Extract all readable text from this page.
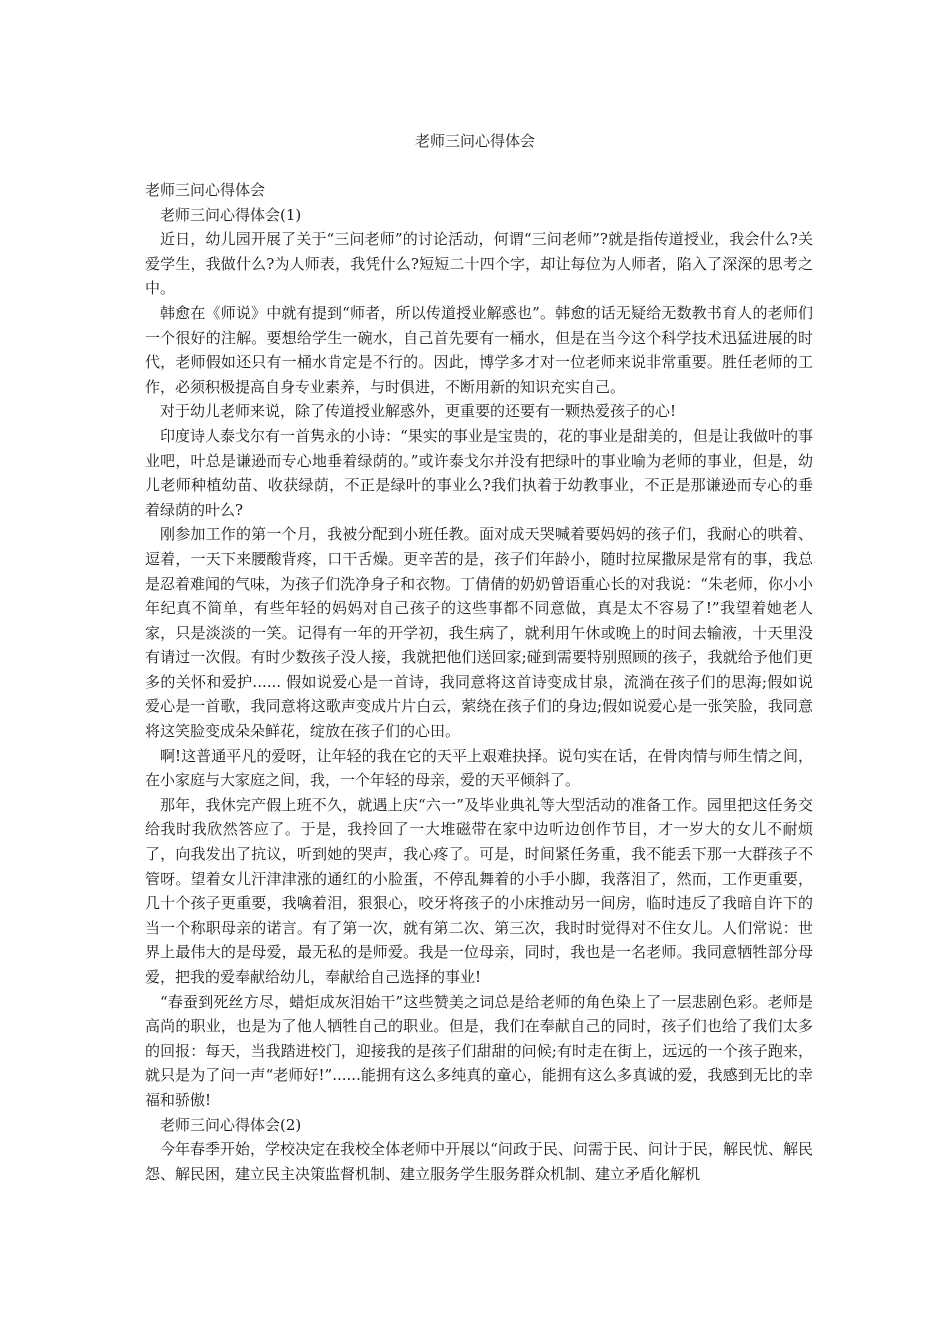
老师三问心得体会

老师三问心得体会

老师三问心得体会(1)

近日，幼儿园开展了关于“三问老师”的讨论活动，何谓“三问老师”?就是指传道授业，我会什么?关爱学生，我做什么?为人师表，我凭什么?短短二十四个字，却让每位为人师者，陷入了深深的思考之中。

韩愈在《师说》中就有提到“师者，所以传道授业解惑也”。韩愈的话无疑给无数教书育人的老师们一个很好的注解。要想给学生一碗水，自己首先要有一桶水，但是在当今这个科学技术迅猛进展的时代，老师假如还只有一桶水肯定是不行的。因此，博学多才对一位老师来说非常重要。胜任老师的工作，必须积极提高自身专业素养，与时俱进，不断用新的知识充实自己。

对于幼儿老师来说，除了传道授业解惑外，更重要的还要有一颗热爱孩子的心!

印度诗人泰戈尔有一首隽永的小诗：“果实的事业是宝贵的，花的事业是甜美的，但是让我做叶的事业吧，叶总是谦逊而专心地垂着绿荫的。”或许泰戈尔并没有把绿叶的事业喻为老师的事业，但是，幼儿老师种植幼苗、收获绿荫，不正是绿叶的事业么?我们执着于幼教事业，不正是那谦逊而专心的垂着绿荫的叶么?

刚参加工作的第一个月，我被分配到小班任教。面对成天哭喊着要妈妈的孩子们，我耐心的哄着、逗着，一天下来腰酸背疼，口干舌燥。更辛苦的是，孩子们年龄小，随时拉屎撒尿是常有的事，我总是忍着难闻的气味，为孩子们洗净身子和衣物。丁倩倩的奶奶曾语重心长的对我说：“朱老师，你小小年纪真不简单，有些年轻的妈妈对自己孩子的这些事都不同意做，真是太不容易了!”我望着她老人家，只是淡淡的一笑。记得有一年的开学初，我生病了，就利用午休或晚上的时间去输液，十天里没有请过一次假。有时少数孩子没人接，我就把他们送回家;碰到需要特别照顾的孩子，我就给予他们更多的关怀和爱护...... 假如说爱心是一首诗，我同意将这首诗变成甘泉，流淌在孩子们的思海;假如说爱心是一首歌，我同意将这歌声变成片片白云，萦绕在孩子们的身边;假如说爱心是一张笑脸，我同意将这笑脸变成朵朵鲜花，绽放在孩子们的心田。

啊!这普通平凡的爱呀，让年轻的我在它的天平上艰难抉择。说句实在话，在骨肉情与师生情之间，在小家庭与大家庭之间，我，一个年轻的母亲，爱的天平倾斜了。

那年，我休完产假上班不久，就遇上庆“六一”及毕业典礼等大型活动的准备工作。园里把这任务交给我时我欣然答应了。于是，我拎回了一大堆磁带在家中边听边创作节目，才一岁大的女儿不耐烦了，向我发出了抗议，听到她的哭声，我心疼了。可是，时间紧任务重，我不能丢下那一大群孩子不管呀。望着女儿汗津津涨的通红的小脸蛋，不停乱舞着的小手小脚，我落泪了，然而，工作更重要，几十个孩子更重要，我噙着泪，狠狠心，咬牙将孩子的小床推动另一间房，临时违反了我暗自许下的当一个称职母亲的诺言。有了第一次，就有第二次、第三次，我时时觉得对不住女儿。人们常说：世界上最伟大的是母爱，最无私的是师爱。我是一位母亲，同时，我也是一名老师。我同意牺牲部分母爱，把我的爱奉献给幼儿，奉献给自己选择的事业!

“春蚕到死丝方尽，蜡炬成灰泪始干”这些赞美之词总是给老师的角色染上了一层悲剧色彩。老师是高尚的职业，也是为了他人牺牲自己的职业。但是，我们在奉献自己的同时，孩子们也给了我们太多的回报：每天，当我踏进校门，迎接我的是孩子们甜甜的问候;有时走在街上，远远的一个孩子跑来，就只是为了问一声“老师好!”......能拥有这么多纯真的童心，能拥有这么多真诚的爱，我感到无比的幸福和骄傲!

老师三问心得体会(2)

今年春季开始，学校决定在我校全体老师中开展以“问政于民、问需于民、问计于民，解民忧、解民怨、解民困，建立民主决策监督机制、建立服务学生服务群众机制、建立矛盾化解机
